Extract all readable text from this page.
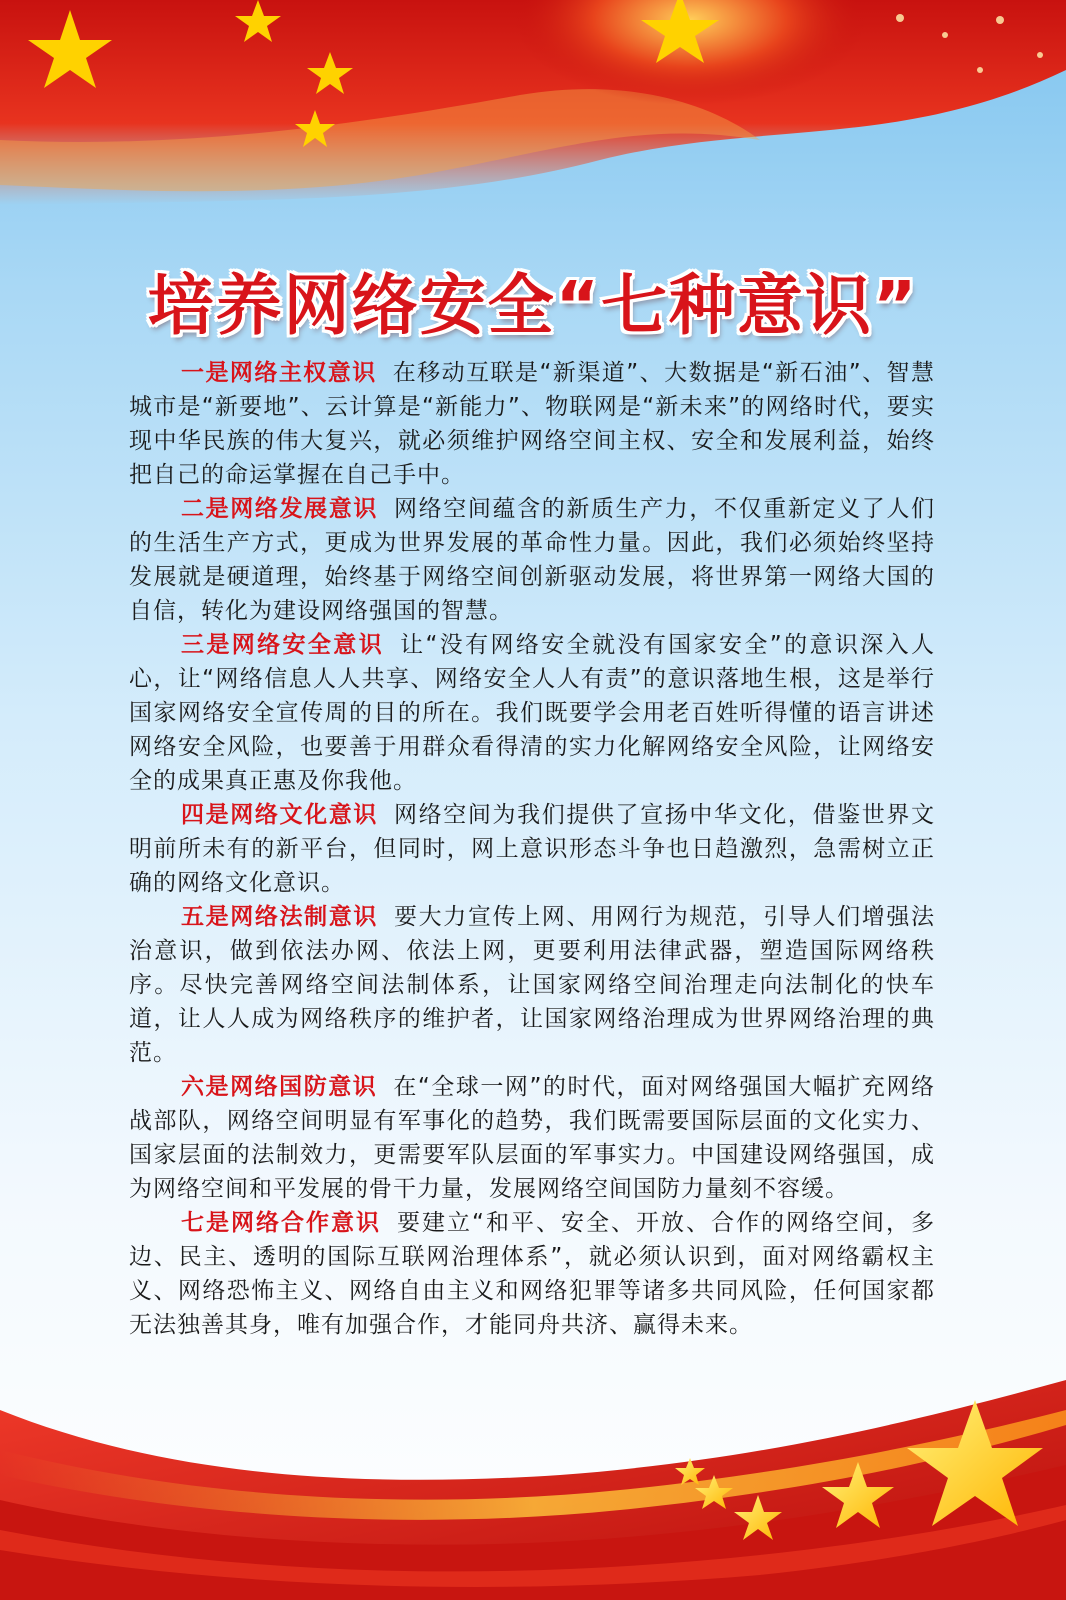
培养网络安全“七种意识”

一是网络主权意识 在移动互联是“新渠道”、大数据是“新石油”、智慧城市是“新要地”、云计算是“新能力”、物联网是“新未来”的网络时代，要实现中华民族的伟大复兴，就必须维护网络空间主权、安全和发展利益，始终把自己的命运掌握在自己手中。

二是网络发展意识 网络空间蕴含的新质生产力，不仅重新定义了人们的生活生产方式，更成为世界发展的革命性力量。因此，我们必须始终坚持发展就是硬道理，始终基于网络空间创新驱动发展，将世界第一网络大国的自信，转化为建设网络强国的智慧。

三是网络安全意识 让“没有网络安全就没有国家安全”的意识深入人心，让“网络信息人人共享、网络安全人人有责”的意识落地生根，这是举行国家网络安全宣传周的目的所在。我们既要学会用老百姓听得懂的语言讲述网络安全风险，也要善于用群众看得清的实力化解网络安全风险，让网络安全的成果真正惠及你我他。

四是网络文化意识 网络空间为我们提供了宣扬中华文化，借鉴世界文明前所未有的新平台，但同时，网上意识形态斗争也日趋激烈，急需树立正确的网络文化意识。

五是网络法制意识 要大力宣传上网、用网行为规范，引导人们增强法治意识，做到依法办网、依法上网，更要利用法律武器，塑造国际网络秩序。尽快完善网络空间法制体系，让国家网络空间治理走向法制化的快车道，让人人成为网络秩序的维护者，让国家网络治理成为世界网络治理的典范。

六是网络国防意识 在“全球一网”的时代，面对网络强国大幅扩充网络战部队，网络空间明显有军事化的趋势，我们既需要国际层面的文化实力、国家层面的法制效力，更需要军队层面的军事实力。中国建设网络强国，成为网络空间和平发展的骨干力量，发展网络空间国防力量刻不容缓。

七是网络合作意识 要建立“和平、安全、开放、合作的网络空间，多边、民主、透明的国际互联网治理体系”，就必须认识到，面对网络霸权主义、网络恐怖主义、网络自由主义和网络犯罪等诸多共同风险，任何国家都无法独善其身，唯有加强合作，才能同舟共济、赢得未来。
